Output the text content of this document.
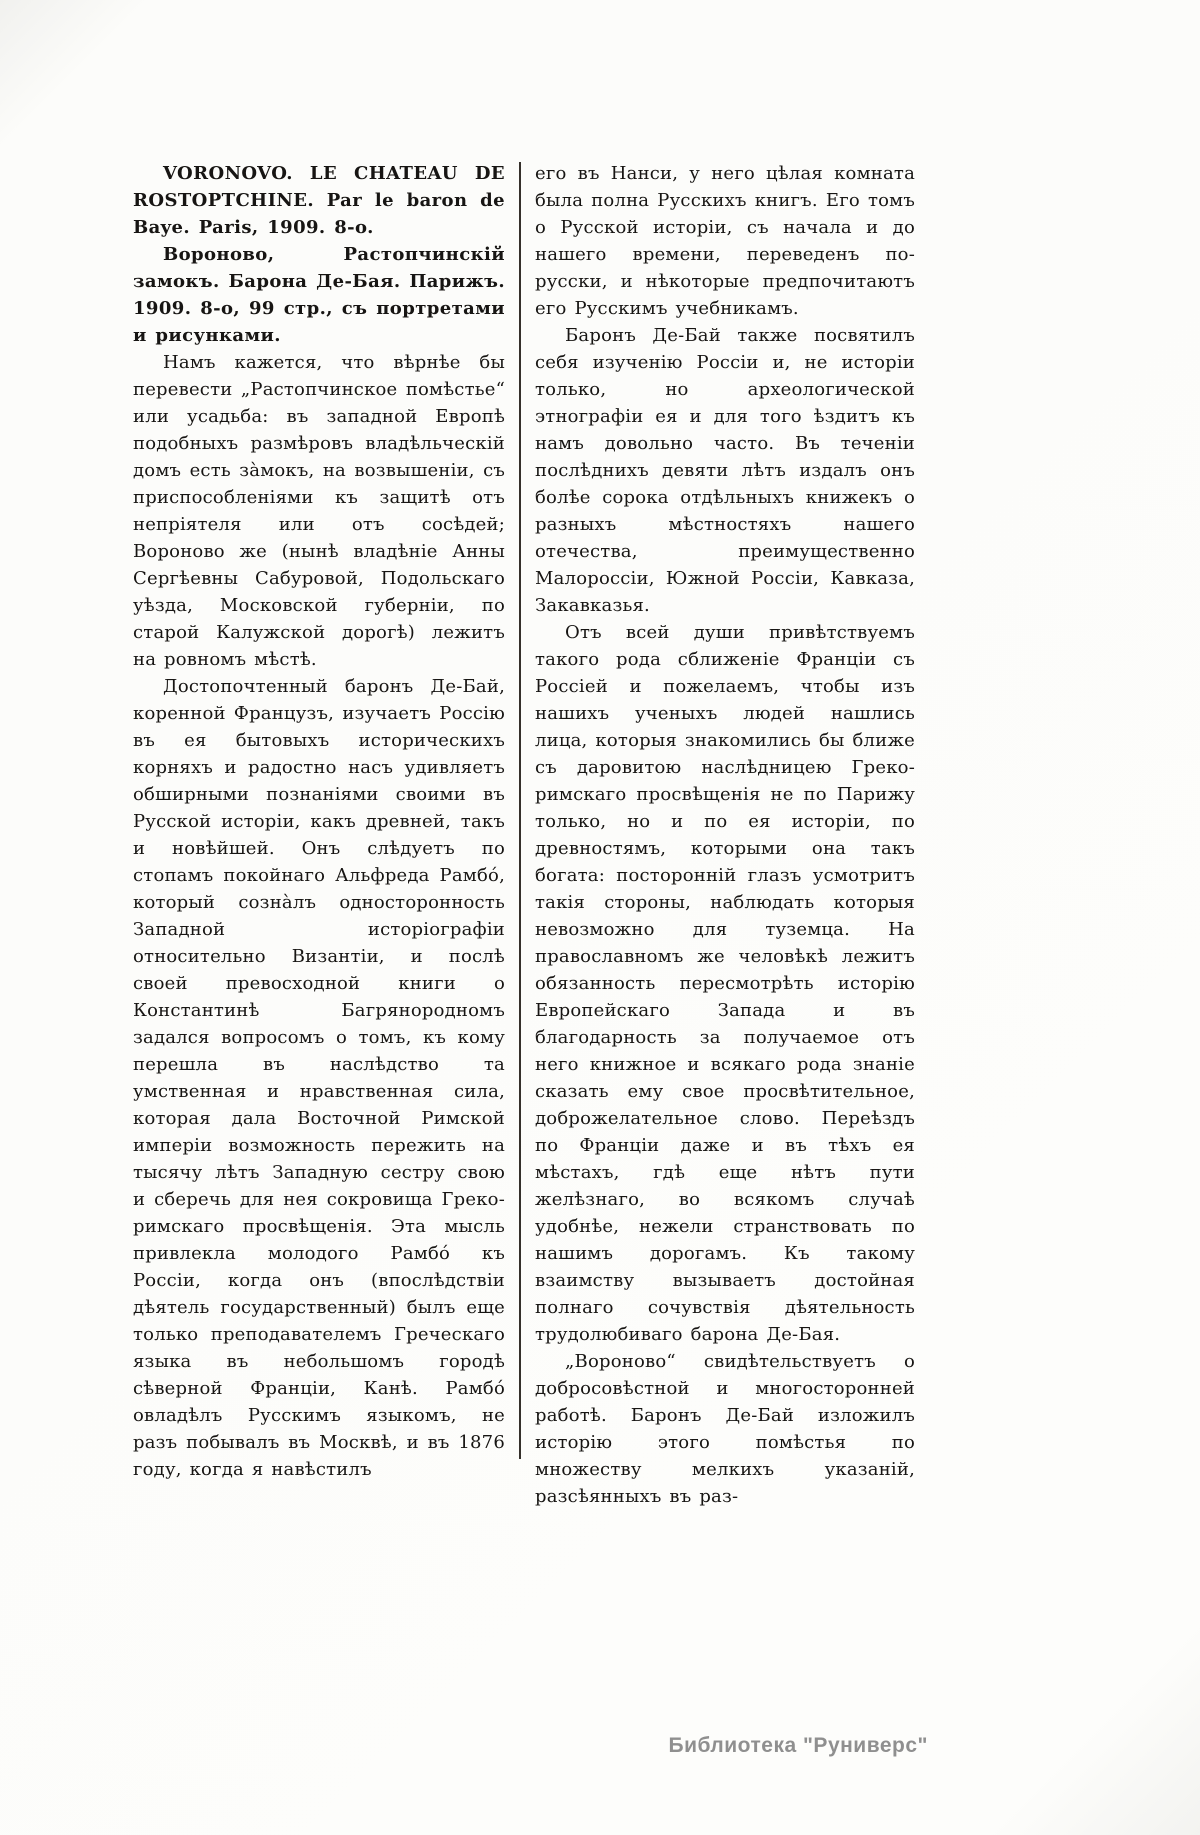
VORONOVO. LE CHATEAU DE ROSTOPTCHINE. Par le baron de Baye. Paris, 1909. 8-o.

Вороново, Растопчинскій замокъ. Барона Де-Бая. Парижъ. 1909. 8-о, 99 стр., съ портретами и рисунками.

Намъ кажется, что вѣрнѣе бы перевести „Растопчинское помѣстье“ или усадьба: въ западной Европѣ подобныхъ размѣровъ владѣльческій домъ есть зàмокъ, на возвышеніи, съ приспособленіями къ защитѣ отъ непріятеля или отъ сосѣдей; Вороново же (нынѣ владѣніе Анны Сергѣевны Сабуровой, Подольскаго уѣзда, Московской губерніи, по старой Калужской дорогѣ) лежитъ на ровномъ мѣстѣ.

Достопочтенный баронъ Де-Бай, коренной Французъ, изучаетъ Россію въ ея бытовыхъ историческихъ корняхъ и радостно насъ удивляетъ обширными познаніями своими въ Русской исторіи, какъ древней, такъ и новѣйшей. Онъ слѣдуетъ по стопамъ покойнаго Альфреда Рамбó, который сознàлъ односторонность Западной исторіографіи относительно Византіи, и послѣ своей превосходной книги о Константинѣ Багрянородномъ задался вопросомъ о томъ, къ кому перешла въ наслѣдство та умственная и нравственная сила, которая дала Восточной Римской имперіи возможность пережить на тысячу лѣтъ Западную сестру свою и сберечь для нея сокровища Греко-римскаго просвѣщенія. Эта мысль привлекла молодого Рамбó къ Россіи, когда онъ (впослѣдствіи дѣятель государственный) былъ еще только преподавателемъ Греческаго языка въ небольшомъ городѣ сѣверной Франціи, Канѣ. Рамбó овладѣлъ Русскимъ языкомъ, не разъ побывалъ въ Москвѣ, и въ 1876 году, когда я навѣстилъ

его въ Нанси, у него цѣлая комната была полна Русскихъ книгъ. Его томъ о Русской исторіи, съ начала и до нашего времени, переведенъ по-русски, и нѣкоторые предпочитаютъ его Русскимъ учебникамъ.

Баронъ Де-Бай также посвятилъ себя изученію Россіи и, не исторіи только, но археологической этнографіи ея и для того ѣздитъ къ намъ довольно часто. Въ теченіи послѣднихъ девяти лѣтъ издалъ онъ болѣе сорока отдѣльныхъ книжекъ о разныхъ мѣстностяхъ нашего отечества, преимущественно Малороссіи, Южной Россіи, Кавказа, Закавказья.

Отъ всей души привѣтствуемъ такого рода сближеніе Франціи съ Россіей и пожелаемъ, чтобы изъ нашихъ ученыхъ людей нашлись лица, которыя знакомились бы ближе съ даровитою наслѣдницею Греко-римскаго просвѣщенія не по Парижу только, но и по ея исторіи, по древностямъ, которыми она такъ богата: посторонній глазъ усмотритъ такія стороны, наблюдать которыя невозможно для туземца. На православномъ же человѣкѣ лежитъ обязанность пересмотрѣть исторію Европейскаго Запада и въ благодарность за получаемое отъ него книжное и всякаго рода знаніе сказать ему свое просвѣтительное, доброжелательное слово. Переѣздъ по Франціи даже и въ тѣхъ ея мѣстахъ, гдѣ еще нѣтъ пути желѣзнаго, во всякомъ случаѣ удобнѣе, нежели странствовать по нашимъ дорогамъ. Къ такому взаимству вызываетъ достойная полнаго сочувствія дѣятельность трудолюбиваго барона Де-Бая.

„Вороново“ свидѣтельствуетъ о добросовѣстной и многосторонней работѣ. Баронъ Де-Бай изложилъ исторію этого помѣстья по множеству мелкихъ указаній, разсѣянныхъ въ раз-

Библиотека "Руниверс"
